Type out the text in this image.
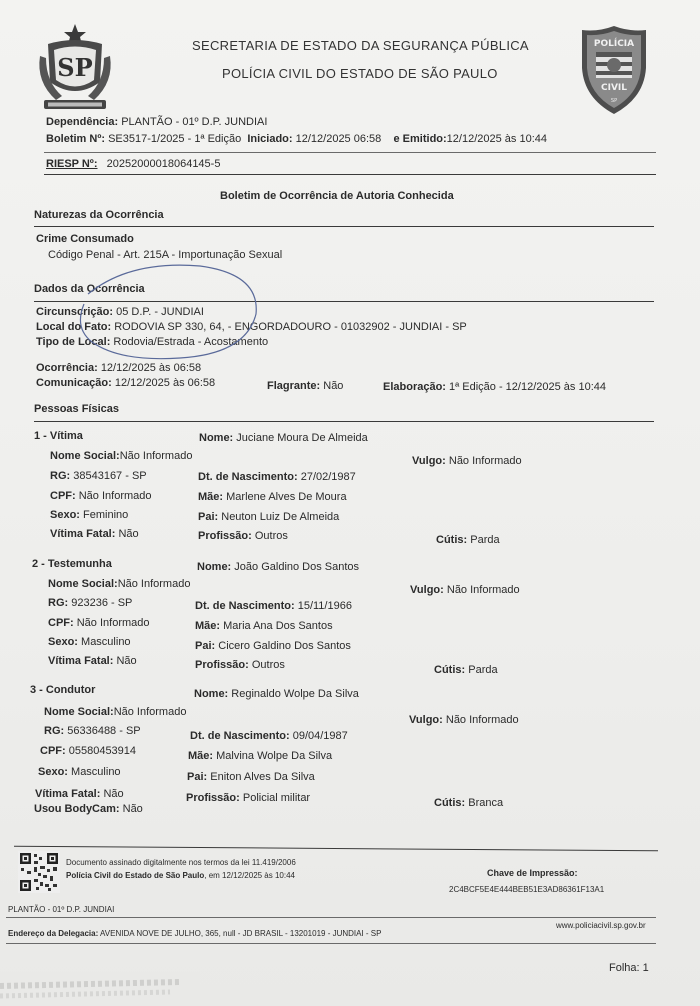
SP
SECRETARIA DE ESTADO DA SEGURANÇA PÚBLICA
POLÍCIA CIVIL DO ESTADO DE SÃO PAULO
POLÍCIA
CIVIL
SP
Dependência: PLANTÃO - 01º D.P. JUNDIAI
Boletim Nº: SE3517-1/2025 - 1ª Edição Iniciado: 12/12/2025 06:58 e Emitido:12/12/2025 às 10:44
RIESP Nº: 20252000018064145-5
Boletim de Ocorrência de Autoria Conhecida
Naturezas da Ocorrência
Crime Consumado
Código Penal - Art. 215A - Importunação Sexual
Dados da Ocorrência
Circunscrição: 05 D.P. - JUNDIAI
Local do Fato: RODOVIA SP 330, 64, - ENGORDADOURO - 01032902 - JUNDIAI - SP
Tipo de Local: Rodovia/Estrada - Acostamento
Ocorrência: 12/12/2025 às 06:58
Comunicação: 12/12/2025 às 06:58	Flagrante: Não	Elaboração: 1ª Edição - 12/12/2025 às 10:44
Pessoas Físicas
1 - Vítima	Nome: Juciane Moura De Almeida
Nome Social:Não Informado	Vulgo: Não Informado
RG: 38543167 - SP	Dt. de Nascimento: 27/02/1987
CPF: Não Informado	Mãe: Marlene Alves De Moura
Sexo: Feminino	Pai: Neuton Luiz De Almeida
Vítima Fatal: Não	Profissão: Outros	Cútis: Parda
2 - Testemunha	Nome: João Galdino Dos Santos
Nome Social:Não Informado	Vulgo: Não Informado
RG: 923236 - SP	Dt. de Nascimento: 15/11/1966
CPF: Não Informado	Mãe: Maria Ana Dos Santos
Sexo: Masculino	Pai: Cicero Galdino Dos Santos
Vítima Fatal: Não	Profissão: Outros	Cútis: Parda
3 - Condutor	Nome: Reginaldo Wolpe Da Silva
Nome Social:Não Informado
Vulgo: Não Informado
RG: 56336488 - SP	Dt. de Nascimento: 09/04/1987
CPF: 05580453914	Mãe: Malvina Wolpe Da Silva
Sexo: Masculino	Pai: Eniton Alves Da Silva
Vítima Fatal: Não	Profissão: Policial militar
Usou BodyCam: Não	Cútis: Branca
Documento assinado digitalmente nos termos da lei 11.419/2006
Polícia Civil do Estado de São Paulo, em 12/12/2025 às 10:44	Chave de Impressão:
2C4BCF5E4E444BEB51E3AD86361F13A1
PLANTÃO - 01º D.P. JUNDIAI
www.policiacivil.sp.gov.br
Endereço da Delegacia: AVENIDA NOVE DE JULHO, 365, null - JD BRASIL - 13201019 - JUNDIAI - SP
Folha: 1
